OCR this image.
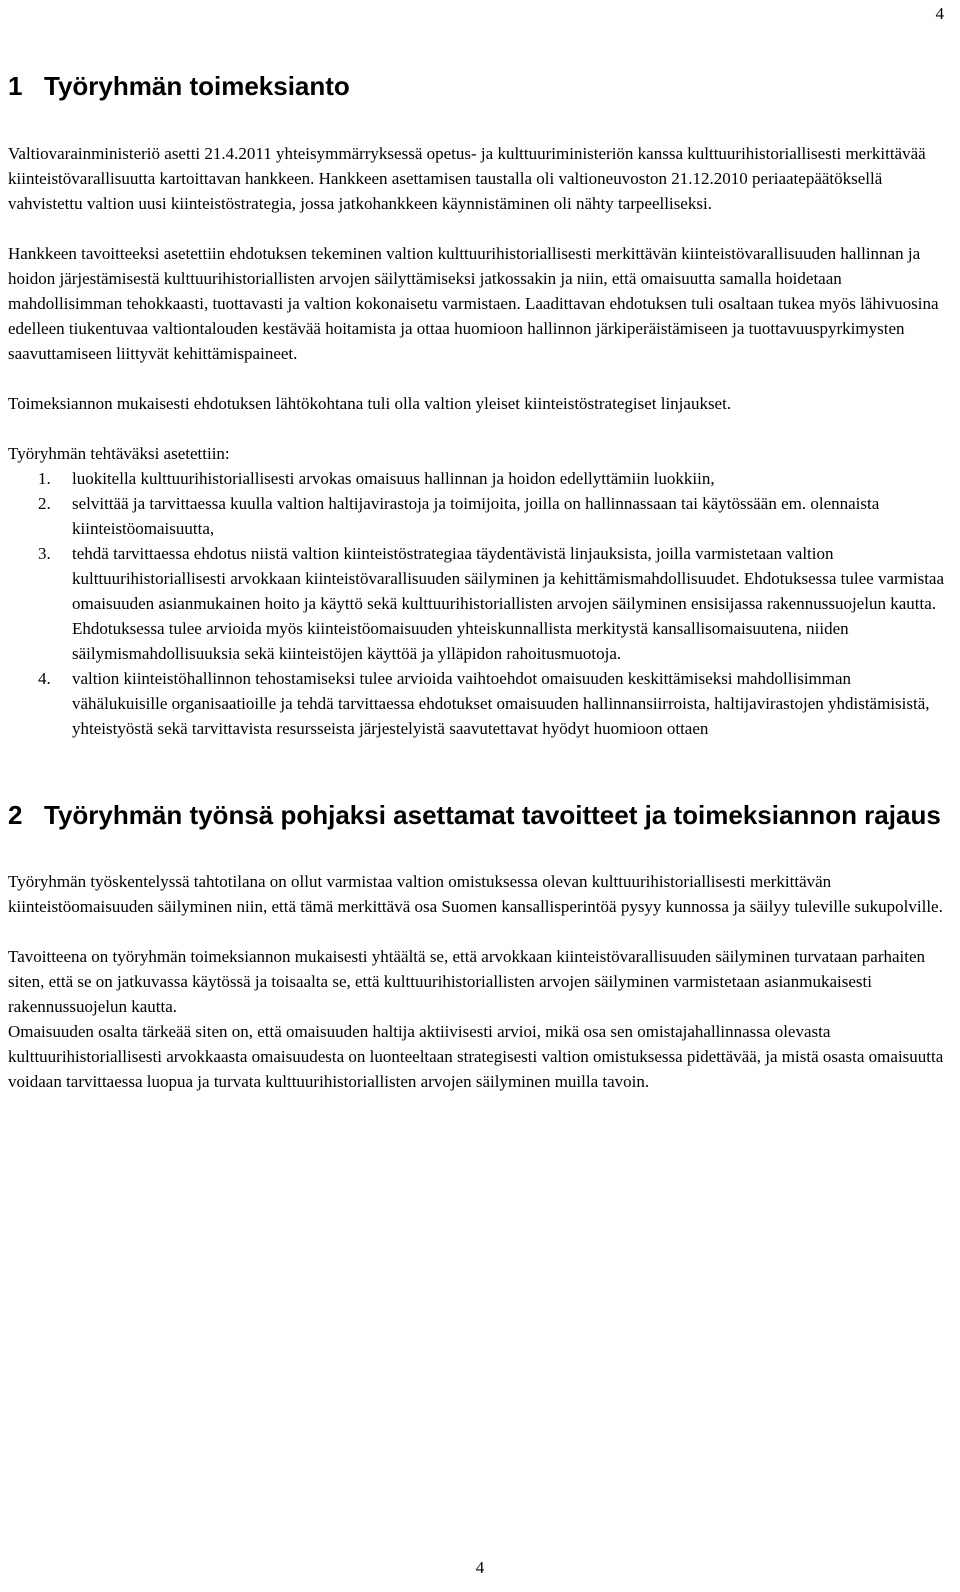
4
1 Työryhmän toimeksianto

Valtiovarainministeriö asetti 21.4.2011 yhteisymmärryksessä opetus- ja kulttuuriministeriön kanssa kulttuurihistoriallisesti merkittävää kiinteistövarallisuutta kartoittavan hankkeen. Hankkeen asettamisen taustalla oli valtioneuvoston 21.12.2010 periaatepäätöksellä vahvistettu valtion uusi kiinteistöstrategia, jossa jatkohankkeen käynnistäminen oli nähty tarpeelliseksi.

Hankkeen tavoitteeksi asetettiin ehdotuksen tekeminen valtion kulttuurihistoriallisesti merkittävän kiinteistövarallisuuden hallinnan ja hoidon järjestämisestä kulttuurihistoriallisten arvojen säilyttämiseksi jatkossakin ja niin, että omaisuutta samalla hoidetaan mahdollisimman tehokkaasti, tuottavasti ja valtion kokonaisetu varmistaen. Laadittavan ehdotuksen tuli osaltaan tukea myös lähivuosina edelleen tiukentuvaa valtiontalouden kestävää hoitamista ja ottaa huomioon hallinnon järkiperäistämiseen ja tuottavuuspyrkimysten saavuttamiseen liittyvät kehittämispaineet.

Toimeksiannon mukaisesti ehdotuksen lähtökohtana tuli olla valtion yleiset kiinteistöstrategiset linjaukset.

Työryhmän tehtäväksi asetettiin:

1.	luokitella kulttuurihistoriallisesti arvokas omaisuus hallinnan ja hoidon edellyttämiin luokkiin,
2.	selvittää ja tarvittaessa kuulla valtion haltijavirastoja ja toimijoita, joilla on hallinnassaan tai käytössään em. olennaista kiinteistöomaisuutta,
3.	tehdä tarvittaessa ehdotus niistä valtion kiinteistöstrategiaa täydentävistä linjauksista, joilla varmistetaan valtion kulttuurihistoriallisesti arvokkaan kiinteistövarallisuuden säilyminen ja kehittämismahdollisuudet. Ehdotuksessa tulee varmistaa omaisuuden asianmukainen hoito ja käyttö sekä kulttuurihistoriallisten arvojen säilyminen ensisijassa rakennussuojelun kautta. Ehdotuksessa tulee arvioida myös kiinteistöomaisuuden yhteiskunnallista merkitystä kansallisomaisuutena, niiden säilymismahdollisuuksia sekä kiinteistöjen käyttöä ja ylläpidon rahoitusmuotoja.
4.	valtion kiinteistöhallinnon tehostamiseksi tulee arvioida vaihtoehdot omaisuuden keskittämiseksi mahdollisimman vähälukuisille organisaatioille ja tehdä tarvittaessa ehdotukset omaisuuden hallinnansiirroista, haltijavirastojen yhdistämisistä, yhteistyöstä sekä tarvittavista resursseista järjestelyistä saavutettavat hyödyt huomioon ottaen
2 Työryhmän työnsä pohjaksi asettamat tavoitteet ja toimeksiannon rajaus

Työryhmän työskentelyssä tahtotilana on ollut varmistaa valtion omistuksessa olevan kulttuurihistoriallisesti merkittävän kiinteistöomaisuuden säilyminen niin, että tämä merkittävä osa Suomen kansallisperintöä pysyy kunnossa ja säilyy tuleville sukupolville.

Tavoitteena on työryhmän toimeksiannon mukaisesti yhtäältä se, että arvokkaan kiinteistövarallisuuden säilyminen turvataan parhaiten siten, että se on jatkuvassa käytössä ja toisaalta se, että kulttuurihistoriallisten arvojen säilyminen varmistetaan asianmukaisesti rakennussuojelun kautta.

Omaisuuden osalta tärkeää siten on, että omaisuuden haltija aktiivisesti arvioi, mikä osa sen omistajahallinnassa olevasta kulttuurihistoriallisesti arvokkaasta omaisuudesta on luonteeltaan strategisesti valtion omistuksessa pidettävää, ja mistä osasta omaisuutta voidaan tarvittaessa luopua ja turvata kulttuurihistoriallisten arvojen säilyminen muilla tavoin.

4
